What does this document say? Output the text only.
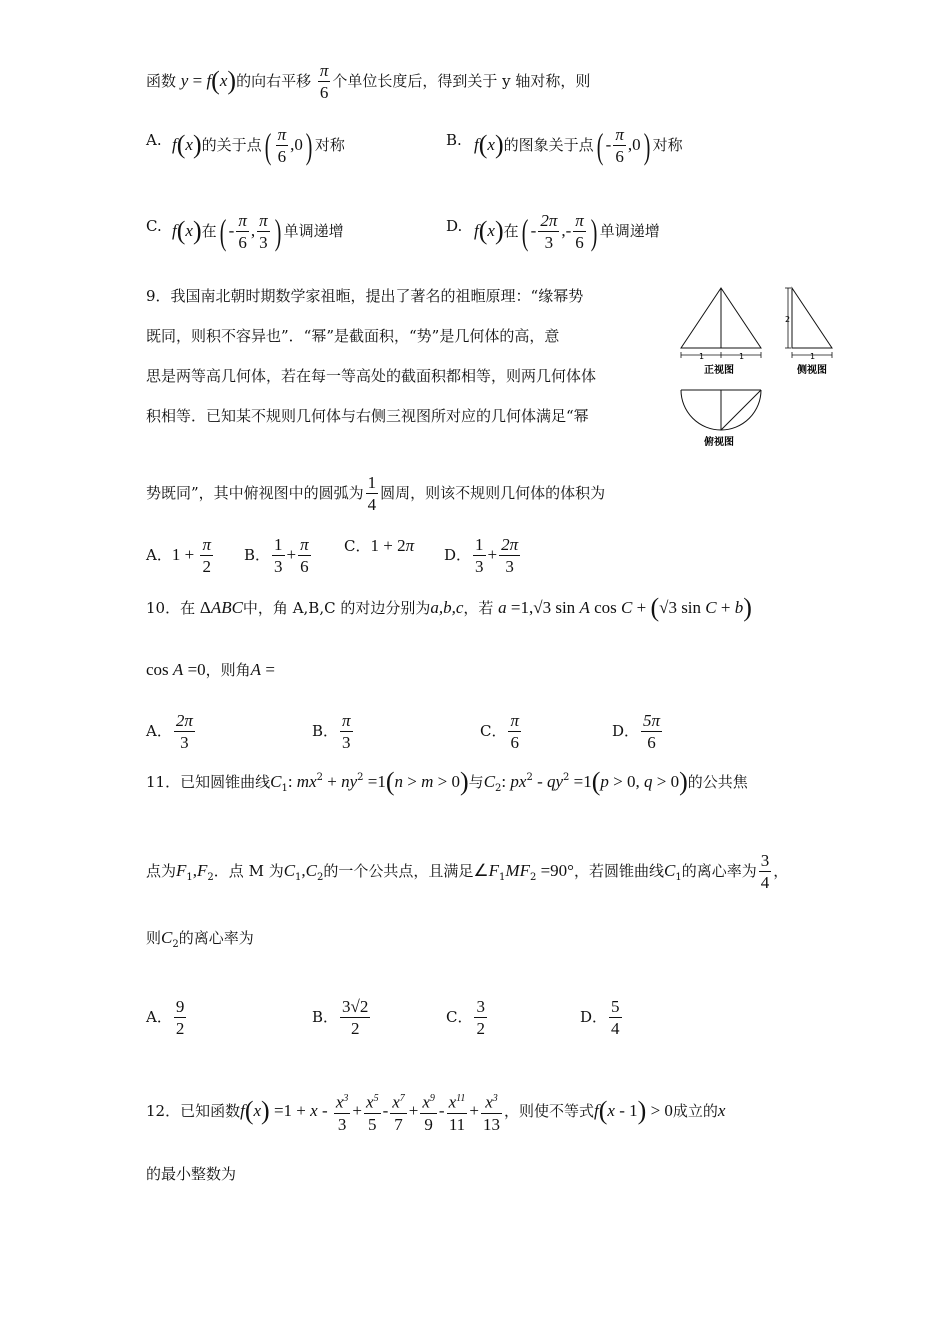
函数 y = f(x)的向右平移 $\frac{\pi}{6}$ 个单位长度后，得到关于 y 轴对称，则
A. f(x)的关于点( $\frac{\pi}{6} ,0$) 对称	B. f(x)的图象关于点( - $\frac{\pi}{6} ,0$) 对称
C. f(x)在( - $\frac{\pi}{6}$ , $\frac{\pi}{3}$ ) 单调递增	D. f(x)在( - $\frac{2\pi}{3}$ ,- $\frac{\pi}{6}$ ) 单调递增
9．我国南北朝时期数学家祖暅，提出了著名的祖暅原理：“缘幂势
既同，则积不容异也”．“幂”是截面积，“势”是几何体的高，意
思是两等高几何体，若在每一等高处的截面积都相等，则两几何体体
积相等．已知某不规则几何体与右侧三视图所对应的几何体满足“幂
势既同”，其中俯视图中的圆弧为 $\frac{1}{4}$ 圆周，则该不规则几何体的体积为
1	1
正视图
2
1
侧视图
俯视图
A．$1 + \frac{\pi}{2}$ B． $\frac{1}{3} + \frac{\pi}{6}$ C．1 + 2π D． $\frac{1}{3} + \frac{2\pi}{3}$
10．在 ΔABC中，角 A,B,C 的对边分别为a,b,c，若 a =1,√3 sin A cos C + (√3 sin C + b)
cos A =0，则角A =
A． $\frac{2\pi}{3}$	B． $\frac{\pi}{3}$	C． $\frac{\pi}{6}$	D． $\frac{5\pi}{6}$
11．已知圆锥曲线$C_1$: $mx^2 + ny^2 =1(n > m > 0)$与$C_2$: $px^2 - qy^2 =1(p > 0$, q > 0)的公共焦
点为$F_1,F_2$．点 M 为$C_1,C_2$的一个公共点，且满足$\angle F_1MF_2 =90^\circ$，若圆锥曲线$C_1$的离心率为 $\frac{3}{4}$ ，
则$C_2$的离心率为
A． $\frac{9}{2}$	B． $\frac{3√2}{2}$	C． $\frac{3}{2}$	D． $\frac{5}{4}$
12．已知函数$f(x) =1 + x - \frac{x^3}{3} + \frac{x^5}{5} - \frac{x^7}{7} + \frac{x^9}{9} - \frac{x^{11}}{11} + \frac{x^3}{13}$ ，则使不等式f(x - 1) > 0成立的x
的最小整数为
